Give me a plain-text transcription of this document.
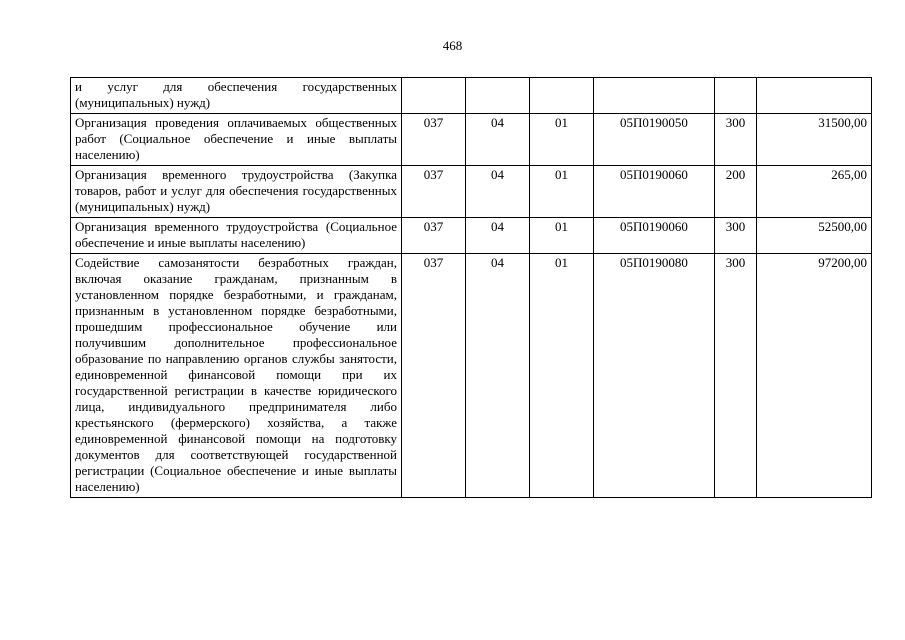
468
и услуг для обеспечения государственных (муниципальных) нужд)						
Организация проведения оплачиваемых общественных работ (Социальное обеспечение и иные выплаты населению)	037	04	01	05П0190050	300	31500,00
Организация временного трудоустройства (Закупка товаров, работ и услуг для обеспечения государственных (муниципальных) нужд)	037	04	01	05П0190060	200	265,00
Организация временного трудоустройства (Социальное обеспечение и иные выплаты населению)	037	04	01	05П0190060	300	52500,00
Содействие самозанятости безработных граждан, включая оказание гражданам, признанным в установленном порядке безработными, и гражданам, признанным в установленном порядке безработными, прошедшим профессиональное обучение или получившим дополнительное профессиональное образование по направлению органов службы занятости, единовременной финансовой помощи при их государственной регистрации в качестве юридического лица, индивидуального предпринимателя либо крестьянского (фермерского) хозяйства, а также единовременной финансовой помощи на подготовку документов для соответствующей государственной регистрации (Социальное обеспечение и иные выплаты населению)	037	04	01	05П0190080	300	97200,00
